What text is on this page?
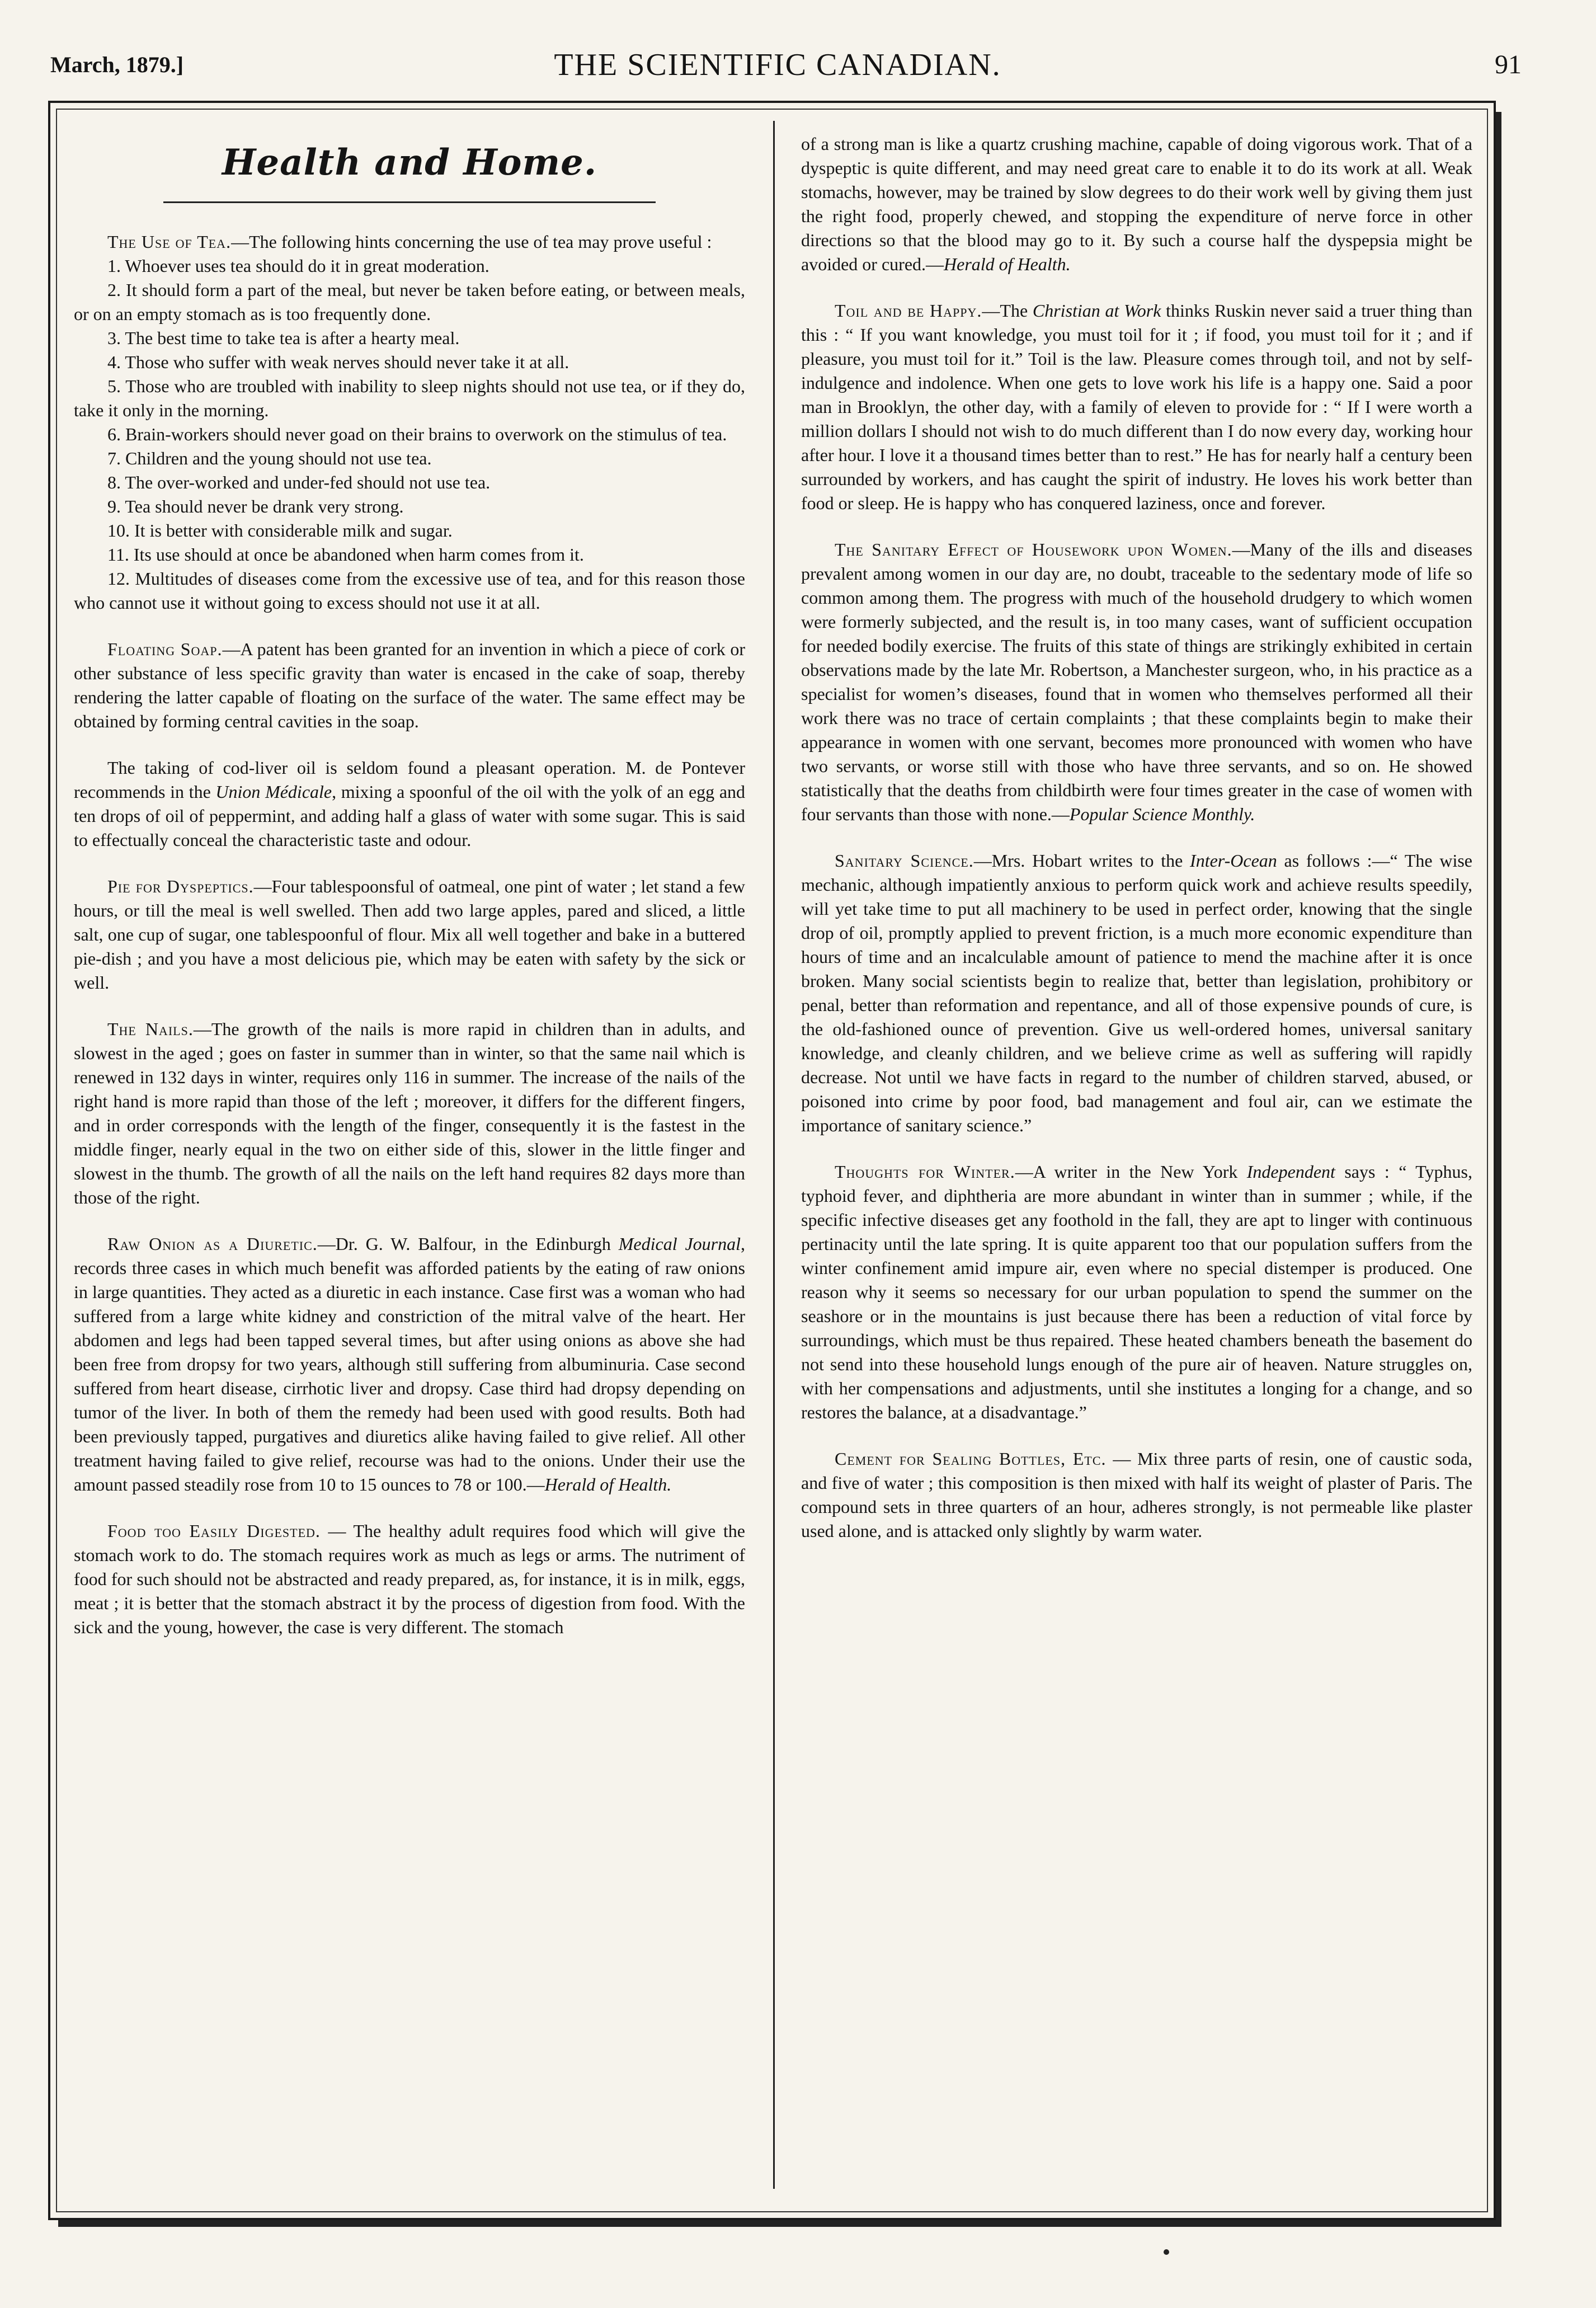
March, 1879.]	THE SCIENTIFIC CANADIAN.	91
Health and Home.

The Use of Tea.—The following hints concerning the use of tea may prove useful :

1. Whoever uses tea should do it in great moderation.
2. It should form a part of the meal, but never be taken before eating, or between meals, or on an empty stomach as is too frequently done.
3. The best time to take tea is after a hearty meal.
4. Those who suffer with weak nerves should never take it at all.
5. Those who are troubled with inability to sleep nights should not use tea, or if they do, take it only in the morning.
6. Brain-workers should never goad on their brains to overwork on the stimulus of tea.
7. Children and the young should not use tea.
8. The over-worked and under-fed should not use tea.
9. Tea should never be drank very strong.
10. It is better with considerable milk and sugar.
11. Its use should at once be abandoned when harm comes from it.
12. Multitudes of diseases come from the excessive use of tea, and for this reason those who cannot use it without going to excess should not use it at all.

Floating Soap.—A patent has been granted for an invention in which a piece of cork or other substance of less specific gravity than water is encased in the cake of soap, thereby rendering the latter capable of floating on the surface of the water. The same effect may be obtained by forming central cavities in the soap.

The taking of cod-liver oil is seldom found a pleasant operation. M. de Pontever recommends in the Union Médicale, mixing a spoonful of the oil with the yolk of an egg and ten drops of oil of peppermint, and adding half a glass of water with some sugar. This is said to effectually conceal the characteristic taste and odour.

Pie for Dyspeptics.—Four tablespoonsful of oatmeal, one pint of water ; let stand a few hours, or till the meal is well swelled. Then add two large apples, pared and sliced, a little salt, one cup of sugar, one tablespoonful of flour. Mix all well together and bake in a buttered pie-dish ; and you have a most delicious pie, which may be eaten with safety by the sick or well.

The Nails.—The growth of the nails is more rapid in children than in adults, and slowest in the aged ; goes on faster in summer than in winter, so that the same nail which is renewed in 132 days in winter, requires only 116 in summer. The increase of the nails of the right hand is more rapid than those of the left ; moreover, it differs for the different fingers, and in order corresponds with the length of the finger, consequently it is the fastest in the middle finger, nearly equal in the two on either side of this, slower in the little finger and slowest in the thumb. The growth of all the nails on the left hand requires 82 days more than those of the right.

Raw Onion as a Diuretic.—Dr. G. W. Balfour, in the Edinburgh Medical Journal, records three cases in which much benefit was afforded patients by the eating of raw onions in large quantities. They acted as a diuretic in each instance. Case first was a woman who had suffered from a large white kidney and constriction of the mitral valve of the heart. Her abdomen and legs had been tapped several times, but after using onions as above she had been free from dropsy for two years, although still suffering from albuminuria. Case second suffered from heart disease, cirrhotic liver and dropsy. Case third had dropsy depending on tumor of the liver. In both of them the remedy had been used with good results. Both had been previously tapped, purgatives and diuretics alike having failed to give relief. All other treatment having failed to give relief, recourse was had to the onions. Under their use the amount passed steadily rose from 10 to 15 ounces to 78 or 100.—Herald of Health.

Food too Easily Digested. — The healthy adult requires food which will give the stomach work to do. The stomach requires work as much as legs or arms. The nutriment of food for such should not be abstracted and ready prepared, as, for instance, it is in milk, eggs, meat ; it is better that the stomach abstract it by the process of digestion from food. With the sick and the young, however, the case is very different. The stomach

of a strong man is like a quartz crushing machine, capable of doing vigorous work. That of a dyspeptic is quite different, and may need great care to enable it to do its work at all. Weak stomachs, however, may be trained by slow degrees to do their work well by giving them just the right food, properly chewed, and stopping the expenditure of nerve force in other directions so that the blood may go to it. By such a course half the dyspepsia might be avoided or cured.—Herald of Health.

Toil and be Happy.—The Christian at Work thinks Ruskin never said a truer thing than this : “ If you want knowledge, you must toil for it ; if food, you must toil for it ; and if pleasure, you must toil for it.” Toil is the law. Pleasure comes through toil, and not by self-indulgence and indolence. When one gets to love work his life is a happy one. Said a poor man in Brooklyn, the other day, with a family of eleven to provide for : “ If I were worth a million dollars I should not wish to do much different than I do now every day, working hour after hour. I love it a thousand times better than to rest.” He has for nearly half a century been surrounded by workers, and has caught the spirit of industry. He loves his work better than food or sleep. He is happy who has conquered laziness, once and forever.

The Sanitary Effect of Housework upon Women.—Many of the ills and diseases prevalent among women in our day are, no doubt, traceable to the sedentary mode of life so common among them. The progress with much of the household drudgery to which women were formerly subjected, and the result is, in too many cases, want of sufficient occupation for needed bodily exercise. The fruits of this state of things are strikingly exhibited in certain observations made by the late Mr. Robertson, a Manchester surgeon, who, in his practice as a specialist for women’s diseases, found that in women who themselves performed all their work there was no trace of certain complaints ; that these complaints begin to make their appearance in women with one servant, becomes more pronounced with women who have two servants, or worse still with those who have three servants, and so on. He showed statistically that the deaths from childbirth were four times greater in the case of women with four servants than those with none.—Popular Science Monthly.

Sanitary Science.—Mrs. Hobart writes to the Inter-Ocean as follows :—“ The wise mechanic, although impatiently anxious to perform quick work and achieve results speedily, will yet take time to put all machinery to be used in perfect order, knowing that the single drop of oil, promptly applied to prevent friction, is a much more economic expenditure than hours of time and an incalculable amount of patience to mend the machine after it is once broken. Many social scientists begin to realize that, better than legislation, prohibitory or penal, better than reformation and repentance, and all of those expensive pounds of cure, is the old-fashioned ounce of prevention. Give us well-ordered homes, universal sanitary knowledge, and cleanly children, and we believe crime as well as suffering will rapidly decrease. Not until we have facts in regard to the number of children starved, abused, or poisoned into crime by poor food, bad management and foul air, can we estimate the importance of sanitary science.”

Thoughts for Winter.—A writer in the New York Independent says : “ Typhus, typhoid fever, and diphtheria are more abundant in winter than in summer ; while, if the specific infective diseases get any foothold in the fall, they are apt to linger with continuous pertinacity until the late spring. It is quite apparent too that our population suffers from the winter confinement amid impure air, even where no special distemper is produced. One reason why it seems so necessary for our urban population to spend the summer on the seashore or in the mountains is just because there has been a reduction of vital force by surroundings, which must be thus repaired. These heated chambers beneath the basement do not send into these household lungs enough of the pure air of heaven. Nature struggles on, with her compensations and adjustments, until she institutes a longing for a change, and so restores the balance, at a disadvantage.”

Cement for Sealing Bottles, Etc. — Mix three parts of resin, one of caustic soda, and five of water ; this composition is then mixed with half its weight of plaster of Paris. The compound sets in three quarters of an hour, adheres strongly, is not permeable like plaster used alone, and is attacked only slightly by warm water.
